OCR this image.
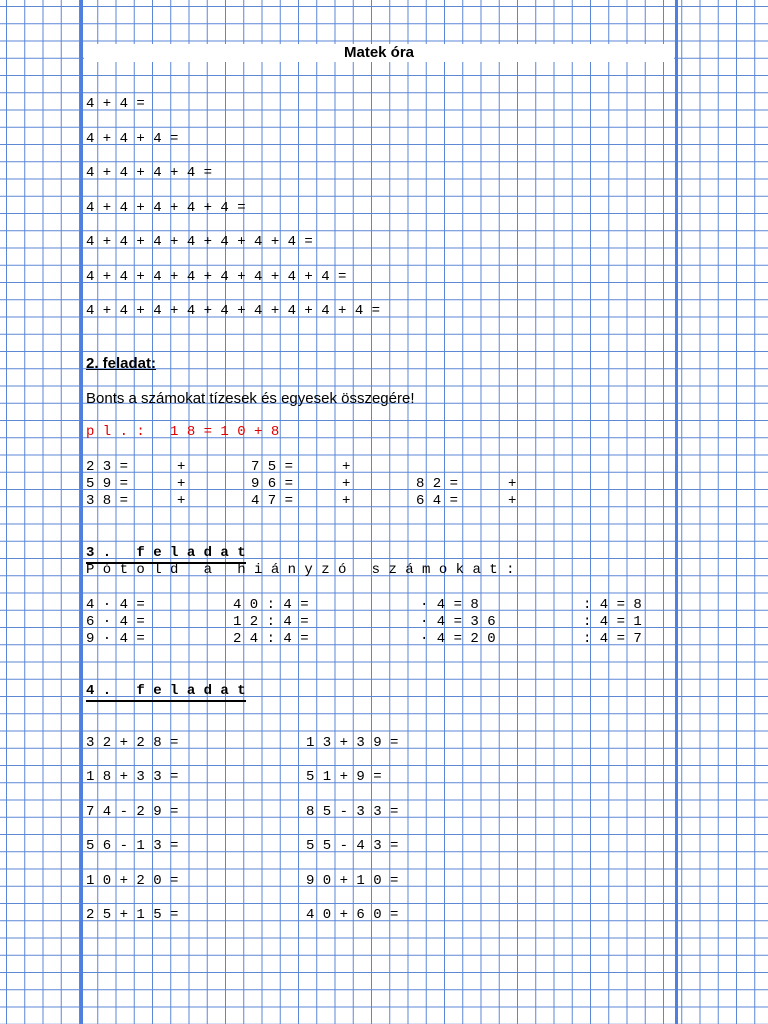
Matek óra
4 + 4 =
4 + 4 + 4 =
4 + 4 + 4 + 4 =
4 + 4 + 4 + 4 + 4 =
4 + 4 + 4 + 4 + 4 + 4 + 4 =
4 + 4 + 4 + 4 + 4 + 4 + 4 + 4 =
4 + 4 + 4 + 4 + 4 + 4 + 4 + 4 + 4 =
2. feladat:
Bonts a számokat tízesek és egyesek összegére!
p l . :   1 8 = 1 0 + 8
2 3 =	+	7 5 =	+
5 9 =	+	9 6 =	+	8 2 =	+
3 8 =	+	4 7 =	+	6 4 =	+
3 .   f e l a d a t
P ó t o l d   a   h i á n y z ó   s z á m o k a t :
4 · 4 =	4 0 : 4 =	· 4 = 8	: 4 = 8
6 · 4 =	1 2 : 4 =	· 4 = 3 6	: 4 = 1
9 · 4 =	2 4 : 4 =	· 4 = 2 0	: 4 = 7
4 .   f e l a d a t
3 2 + 2 8 =	1 3 + 3 9 =
1 8 + 3 3 =	5 1 + 9 =
7 4 - 2 9 =	8 5 - 3 3 =
5 6 - 1 3 =	5 5 - 4 3 =
1 0 + 2 0 =	9 0 + 1 0 =
2 5 + 1 5 =	4 0 + 6 0 =
